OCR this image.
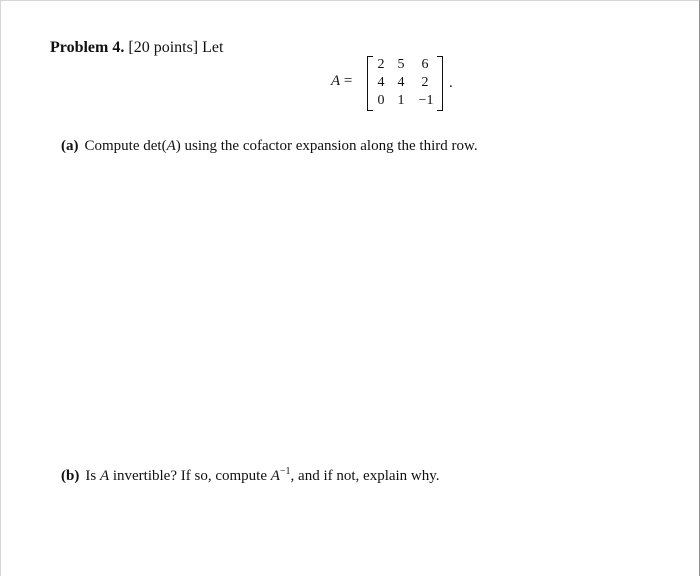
Problem 4. [20 points] Let
A =
2 5	6
4 4	2
0 1	−1
.
(a) Compute det(A) using the cofactor expansion along the third row.
(b) Is A invertible? If so, compute $A^{-1}$, and if not, explain why.
